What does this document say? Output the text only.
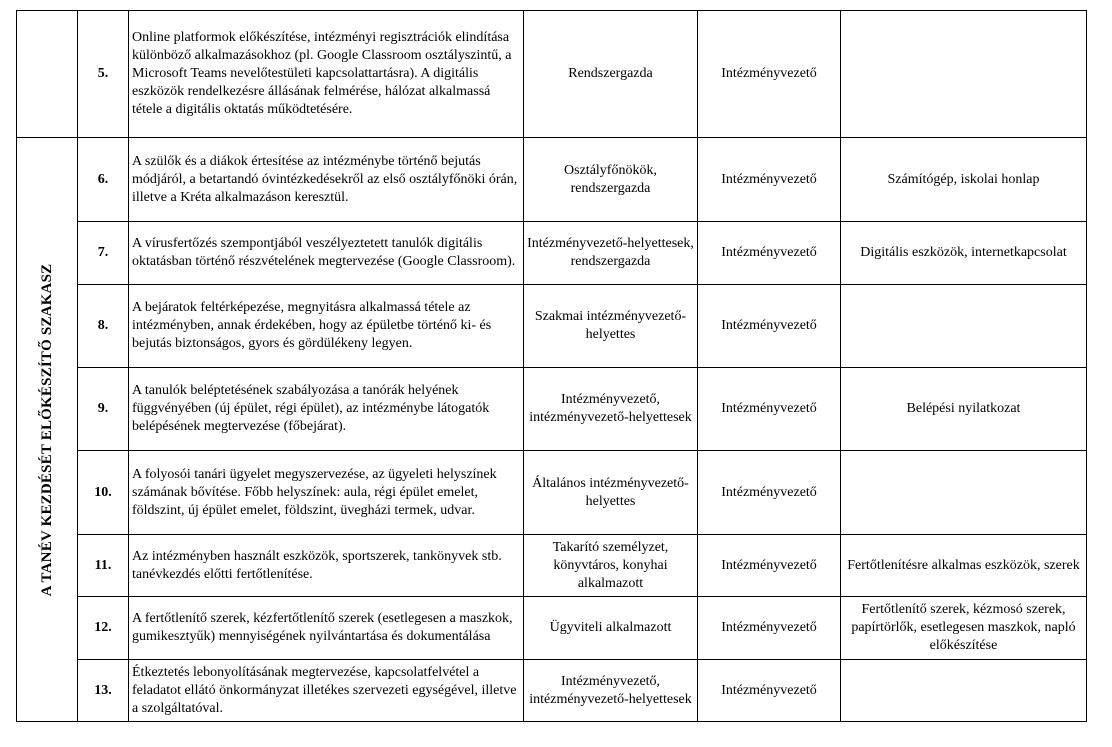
	5.	Online platformok előkészítése, intézményi regisztrációk elindítása különböző alkalmazásokhoz (pl. Google Classroom osztályszintű, a Microsoft Teams nevelőtestületi kapcsolattartásra). A digitális eszközök rendelkezésre állásának felmérése, hálózat alkalmassá tétele a digitális oktatás működtetésére.	Rendszergazda	Intézményvezető	

A TANÉV KEZDÉSÉT ELŐKÉSZÍTŐ SZAKASZ	6.	A szülők és a diákok értesítése az intézménybe történő bejutás módjáról, a betartandó óvintézkedésekről az első osztályfőnöki órán, illetve a Kréta alkalmazáson keresztül.	Osztályfőnökök, rendszergazda	Intézményvezető	Számítógép, iskolai honlap
	7.	A vírusfertőzés szempontjából veszélyeztetett tanulók digitális oktatásban történő részvételének megtervezése (Google Classroom).	Intézményvezető-helyettesek, rendszergazda	Intézményvezető	Digitális eszközök, internetkapcsolat
	8.	A bejáratok feltérképezése, megnyitásra alkalmassá tétele az intézményben, annak érdekében, hogy az épületbe történő ki- és bejutás biztonságos, gyors és gördülékeny legyen.	Szakmai intézményvezető-helyettes	Intézményvezető	
	9.	A tanulók beléptetésének szabályozása a tanórák helyének függvényében (új épület, régi épület), az intézménybe látogatók belépésének megtervezése (főbejárat).	Intézményvezető, intézményvezető-helyettesek	Intézményvezető	Belépési nyilatkozat
	10.	A folyosói tanári ügyelet megyszervezése, az ügyeleti helyszínek számának bővítése. Főbb helyszínek: aula, régi épület emelet, földszint, új épület emelet, földszint, üvegházi termek, udvar.	Általános intézményvezető-helyettes	Intézményvezető	
	11.	Az intézményben használt eszközök, sportszerek, tankönyvek stb. tanévkezdés előtti fertőtlenítése.	Takarító személyzet, könyvtáros, konyhai alkalmazott	Intézményvezető	Fertőtlenítésre alkalmas eszközök, szerek
	12.	A fertőtlenítő szerek, kézfertőtlenítő szerek (esetlegesen a maszkok, gumikesztyűk) mennyiségének nyilvántartása és dokumentálása	Ügyviteli alkalmazott	Intézményvezető	Fertőtlenítő szerek, kézmosó szerek, papírtörlők, esetlegesen maszkok, napló előkészítése
	13.	Étkeztetés lebonyolításának megtervezése, kapcsolatfelvétel a feladatot ellátó önkormányzat illetékes szervezeti egységével, illetve a szolgáltatóval.	Intézményvezető, intézményvezető-helyettesek	Intézményvezető	
